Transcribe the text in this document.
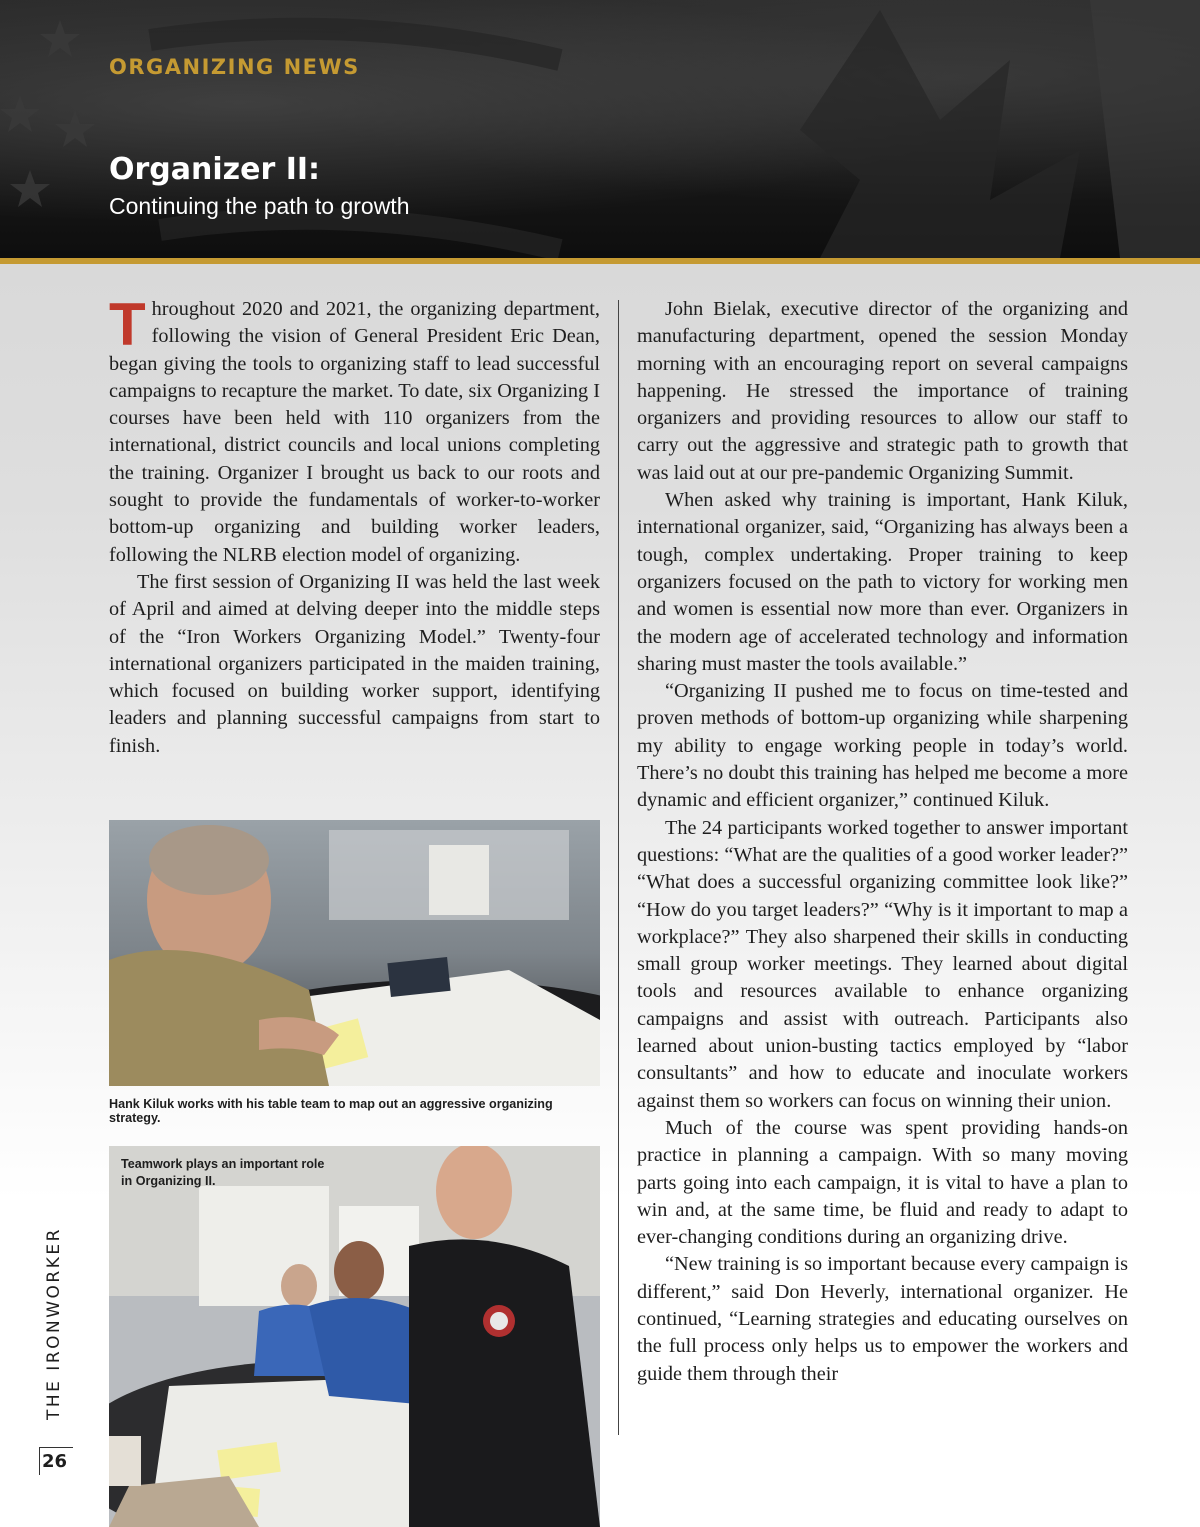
ORGANIZING NEWS
Organizer II:
Continuing the path to growth

Throughout 2020 and 2021, the organizing department, following the vision of General President Eric Dean, began giving the tools to organizing staff to lead successful campaigns to recapture the market. To date, six Organizing I courses have been held with 110 organizers from the international, district councils and local unions completing the training. Organizer I brought us back to our roots and sought to provide the fundamentals of worker-to-worker bottom-up organizing and building worker leaders, following the NLRB election model of organizing.

The first session of Organizing II was held the last week of April and aimed at delving deeper into the middle steps of the “Iron Workers Organizing Model.” Twenty-four international organizers participated in the maiden training, which focused on building worker support, identifying leaders and planning successful campaigns from start to finish.

John Bielak, executive director of the organizing and manufacturing department, opened the session Monday morning with an encouraging report on several campaigns happening. He stressed the importance of training organizers and providing resources to allow our staff to carry out the aggressive and strategic path to growth that was laid out at our pre-pandemic Organizing Summit.

When asked why training is important, Hank Kiluk, international organizer, said, “Organizing has always been a tough, complex undertaking. Proper training to keep organizers focused on the path to victory for working men and women is essential now more than ever. Organizers in the modern age of accelerated technology and information sharing must master the tools available.”

“Organizing II pushed me to focus on time-tested and proven methods of bottom-up organizing while sharpening my ability to engage working people in today’s world. There’s no doubt this training has helped me become a more dynamic and efficient organizer,” continued Kiluk.

The 24 participants worked together to answer important questions: “What are the qualities of a good worker leader?” “What does a successful organizing committee look like?” “How do you target leaders?” “Why is it important to map a workplace?” They also sharpened their skills in conducting small group worker meetings. They learned about digital tools and resources available to enhance organizing campaigns and assist with outreach. Participants also learned about union-busting tactics employed by “labor consultants” and how to educate and inoculate workers against them so workers can focus on winning their union.

Much of the course was spent providing hands-on practice in planning a campaign. With so many moving parts going into each campaign, it is vital to have a plan to win and, at the same time, be fluid and ready to adapt to ever-changing conditions during an organizing drive.

“New training is so important because every campaign is different,” said Don Heverly, international organizer. He continued, “Learning strategies and educating ourselves on the full process only helps us to empower the workers and guide them through their

Hank Kiluk works with his table team to map out an aggressive organizing strategy.
Teamwork plays an important role in Organizing II.
THE IRONWORKER
26
